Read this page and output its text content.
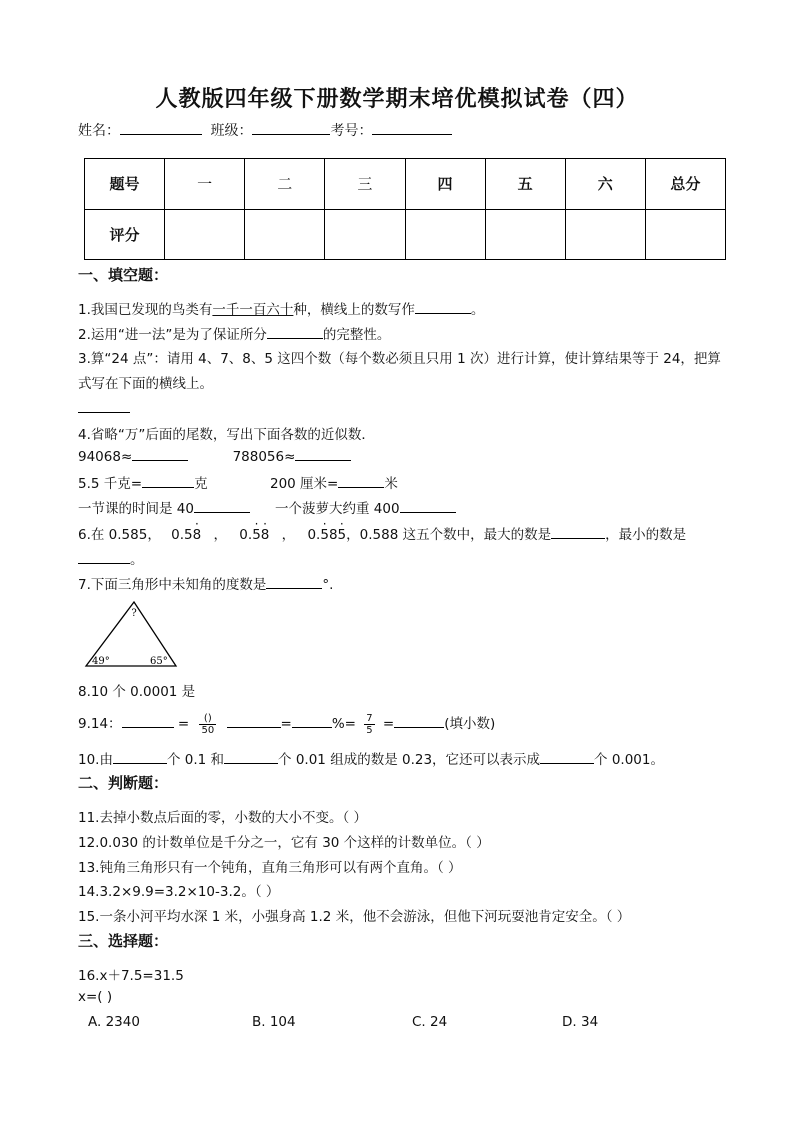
人教版四年级下册数学期末培优模拟试卷（四）
姓名：	班级：	考号：
题号	一	二	三	四	五	六	总分
评分							
一、填空题：
1.我国已发现的鸟类有一千一百六十种，横线上的数写作	。
2.运用“进一法”是为了保证所分	的完整性。
3.算“24 点”：请用 4、7、8、5 这四个数（每个数必须且只用 1 次）进行计算，使计算结果等于 24，把算
式写在下面的横线上。
4.省略“万”后面的尾数，写出下面各数的近似数．
94068≈	788056≈
5.5 千克=	克	200 厘米=	米
一节课的时间是 40	一个菠萝大约重 400
6.在 0.585， 0.58 · ， 0.5 ·8 · ， 0.5 ·85 ·，0.588 这五个数中，最大的数是	，最小的数是
。
7.下面三角形中未知角的度数是	°.
?
49°	65°
8.10 个 0.0001 是
9.14：	= $\frac{()}{50}$	=	%= $\frac{7}{5}$ =	(填小数)
10.由	个 0.1 和	个 0.01 组成的数是 0.23，它还可以表示成	个 0.001。
二、判断题：
11.去掉小数点后面的零，小数的大小不变。（ ）
12.0.030 的计数单位是千分之一，它有 30 个这样的计数单位。（ ）
13.钝角三角形只有一个钝角，直角三角形可以有两个直角。（ ）
14.3.2×9.9=3.2×10-3.2。（ ）
15.一条小河平均水深 1 米，小强身高 1.2 米，他不会游泳，但他下河玩耍池肯定安全。（ ）
三、选择题：
16.x＋7.5=31.5
x=( )
A. 2340	B. 104	C. 24	D. 34
